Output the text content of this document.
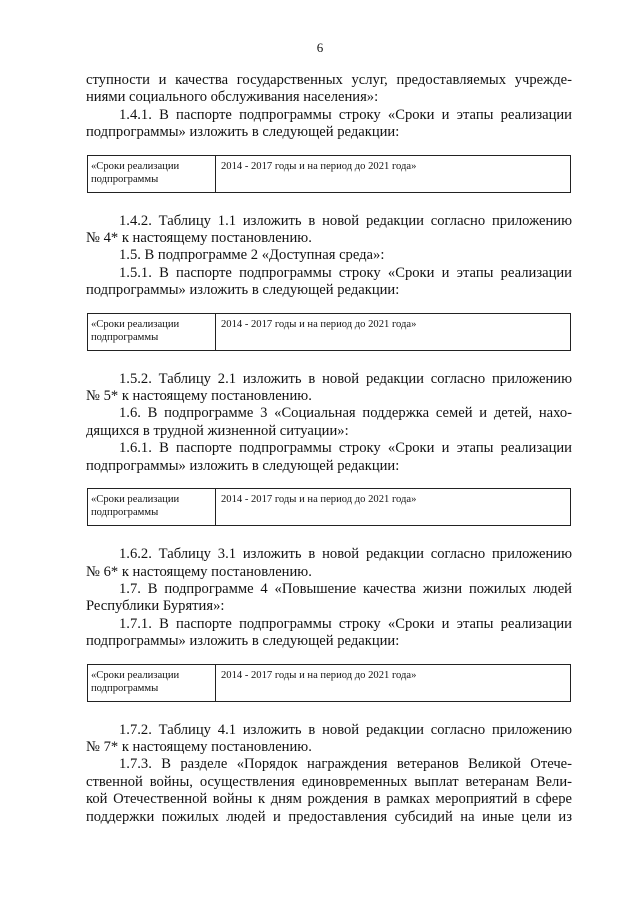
6

ступности и качества государственных услуг, предоставляемых учрежде-
ниями социального обслуживания населения»:

1.4.1. В паспорте подпрограммы строку «Сроки и этапы реализации
подпрограммы» изложить в следующей редакции:

«Сроки реализации
подпрограммы
2014 - 2017 годы и на период до 2021 года»

1.4.2. Таблицу 1.1 изложить в новой редакции согласно приложению
№ 4* к настоящему постановлению.

1.5. В подпрограмме 2 «Доступная среда»:

1.5.1. В паспорте подпрограммы строку «Сроки и этапы реализации
подпрограммы» изложить в следующей редакции:

«Сроки реализации
подпрограммы
2014 - 2017 годы и на период до 2021 года»

1.5.2. Таблицу 2.1 изложить в новой редакции согласно приложению
№ 5* к настоящему постановлению.

1.6. В подпрограмме 3 «Социальная поддержка семей и детей, нахо-
дящихся в трудной жизненной ситуации»:

1.6.1. В паспорте подпрограммы строку «Сроки и этапы реализации
подпрограммы» изложить в следующей редакции:

«Сроки реализации
подпрограммы
2014 - 2017 годы и на период до 2021 года»

1.6.2. Таблицу 3.1 изложить в новой редакции согласно приложению
№ 6* к настоящему постановлению.

1.7. В подпрограмме 4 «Повышение качества жизни пожилых людей
Республики Бурятия»:

1.7.1. В паспорте подпрограммы строку «Сроки и этапы реализации
подпрограммы» изложить в следующей редакции:

«Сроки реализации
подпрограммы
2014 - 2017 годы и на период до 2021 года»

1.7.2. Таблицу 4.1 изложить в новой редакции согласно приложению
№ 7* к настоящему постановлению.

1.7.3. В разделе «Порядок награждения ветеранов Великой Отече-
ственной войны, осуществления единовременных выплат ветеранам Вели-
кой Отечественной войны к дням рождения в рамках мероприятий в сфере
поддержки пожилых людей и предоставления субсидий на иные цели из
